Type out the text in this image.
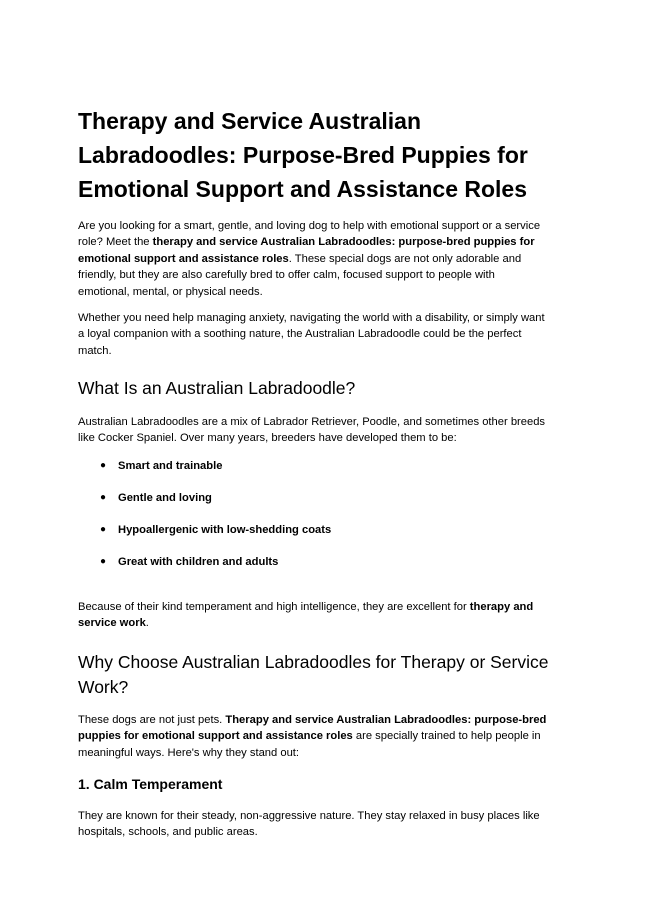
Therapy and Service Australian Labradoodles: Purpose-Bred Puppies for Emotional Support and Assistance Roles

Are you looking for a smart, gentle, and loving dog to help with emotional support or a service role? Meet the therapy and service Australian Labradoodles: purpose-bred puppies for emotional support and assistance roles. These special dogs are not only adorable and friendly, but they are also carefully bred to offer calm, focused support to people with emotional, mental, or physical needs.

Whether you need help managing anxiety, navigating the world with a disability, or simply want a loyal companion with a soothing nature, the Australian Labradoodle could be the perfect match.

What Is an Australian Labradoodle?

Australian Labradoodles are a mix of Labrador Retriever, Poodle, and sometimes other breeds like Cocker Spaniel. Over many years, breeders have developed them to be:

● Smart and trainable
● Gentle and loving
● Hypoallergenic with low-shedding coats
● Great with children and adults

Because of their kind temperament and high intelligence, they are excellent for therapy and service work.

Why Choose Australian Labradoodles for Therapy or Service Work?

These dogs are not just pets. Therapy and service Australian Labradoodles: purpose-bred puppies for emotional support and assistance roles are specially trained to help people in meaningful ways. Here's why they stand out:

1. Calm Temperament

They are known for their steady, non-aggressive nature. They stay relaxed in busy places like hospitals, schools, and public areas.
